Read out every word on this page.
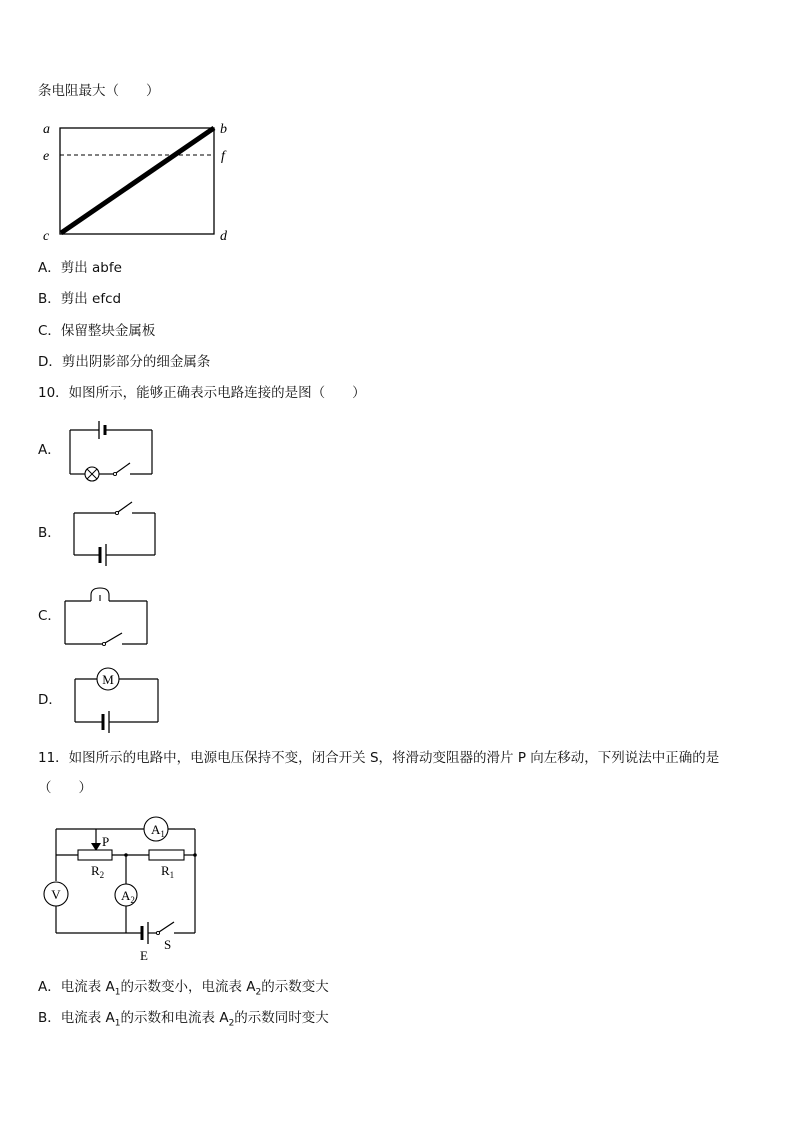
条电阻最大（　　）
a	b
e	f
c	d
A．剪出 abfe
B．剪出 efcd
C．保留整块金属板
D．剪出阴影部分的细金属条
10．如图所示，能够正确表示电路连接的是图（　　）
A．
B．
C．
D．
M
11．如图所示的电路中，电源电压保持不变，闭合开关 S，将滑动变阻器的滑片 P 向左移动，下列说法中正确的是
（　　）
$A_1$
V
P
$R_2$	$R_1$
$A_2$
E
S
A．电流表 $A_1$的示数变小，电流表 $A_2$的示数变大
B．电流表 $A_1$的示数和电流表 $A_2$的示数同时变大
